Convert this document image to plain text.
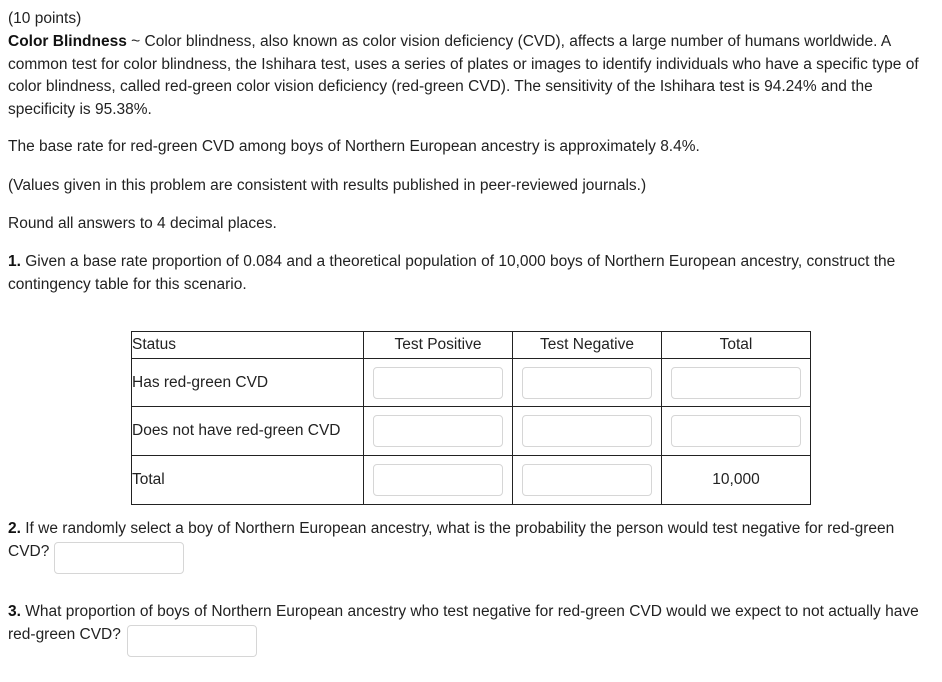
(10 points)
Color Blindness ~ Color blindness, also known as color vision deficiency (CVD), affects a large number of humans worldwide. A common test for color blindness, the Ishihara test, uses a series of plates or images to identify individuals who have a specific type of color blindness, called red-green color vision deficiency (red-green CVD). The sensitivity of the Ishihara test is 94.24% and the specificity is 95.38%.
The base rate for red-green CVD among boys of Northern European ancestry is approximately 8.4%.
(Values given in this problem are consistent with results published in peer-reviewed journals.)
Round all answers to 4 decimal places.
1. Given a base rate proportion of 0.084 and a theoretical population of 10,000 boys of Northern European ancestry, construct the contingency table for this scenario.
Status	Test Positive	Test Negative	Total
Has red-green CVD	

Does not have red-green CVD	

Total			10,000
2. If we randomly select a boy of Northern European ancestry, what is the probability the person would test negative for red-green CVD?
3. What proportion of boys of Northern European ancestry who test negative for red-green CVD would we expect to not actually have red-green CVD?
